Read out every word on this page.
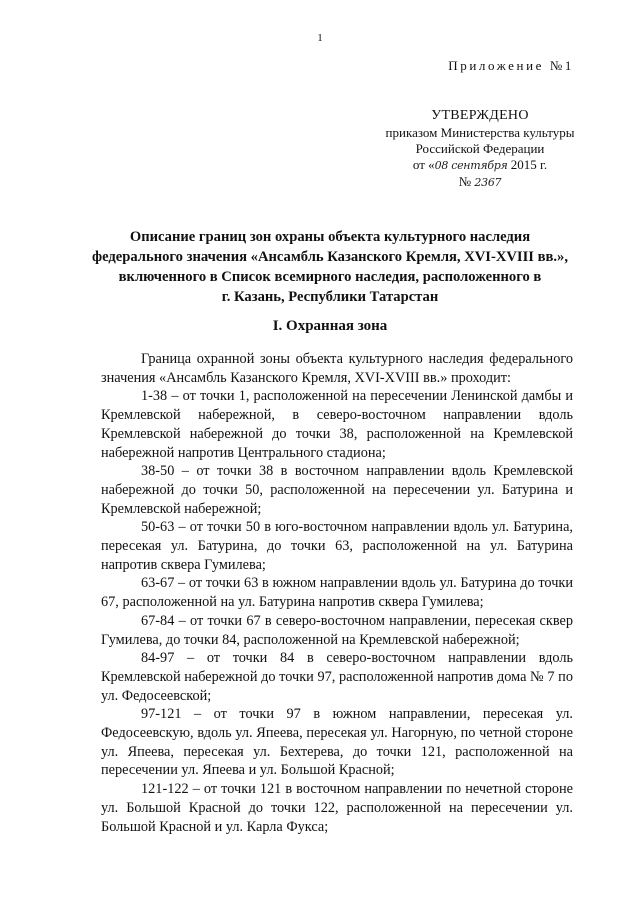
1
Приложение №1
УТВЕРЖДЕНО
приказом Министерства культуры
Российской Федерации
от «08 сентября 2015 г.
№ 2367
Описание границ зон охраны объекта культурного наследия
федерального значения «Ансамбль Казанского Кремля, XVI-XVIII вв.»,
включенного в Список всемирного наследия, расположенного в
г. Казань, Республики Татарстан
I. Охранная зона

Граница охранной зоны объекта культурного наследия федерального значения «Ансамбль Казанского Кремля, XVI-XVIII вв.» проходит:

1-38 – от точки 1, расположенной на пересечении Ленинской дамбы и Кремлевской набережной, в северо-восточном направлении вдоль Кремлевской набережной до точки 38, расположенной на Кремлевской набережной напротив Центрального стадиона;

38-50 – от точки 38 в восточном направлении вдоль Кремлевской набережной до точки 50, расположенной на пересечении ул. Батурина и Кремлевской набережной;

50-63 – от точки 50 в юго-восточном направлении вдоль ул. Батурина, пересекая ул. Батурина, до точки 63, расположенной на ул. Батурина напротив сквера Гумилева;

63-67 – от точки 63 в южном направлении вдоль ул. Батурина до точки 67, расположенной на ул. Батурина напротив сквера Гумилева;

67-84 – от точки 67 в северо-восточном направлении, пересекая сквер Гумилева, до точки 84, расположенной на Кремлевской набережной;

84-97 – от точки 84 в северо-восточном направлении вдоль Кремлевской набережной до точки 97, расположенной напротив дома № 7 по ул. Федосеевской;

97-121 – от точки 97 в южном направлении, пересекая ул. Федосеевскую, вдоль ул. Япеева, пересекая ул. Нагорную, по четной стороне ул. Япеева, пересекая ул. Бехтерева, до точки 121, расположенной на пересечении ул. Япеева и ул. Большой Красной;

121-122 – от точки 121 в восточном направлении по нечетной стороне ул. Большой Красной до точки 122, расположенной на пересечении ул. Большой Красной и ул. Карла Фукса;
